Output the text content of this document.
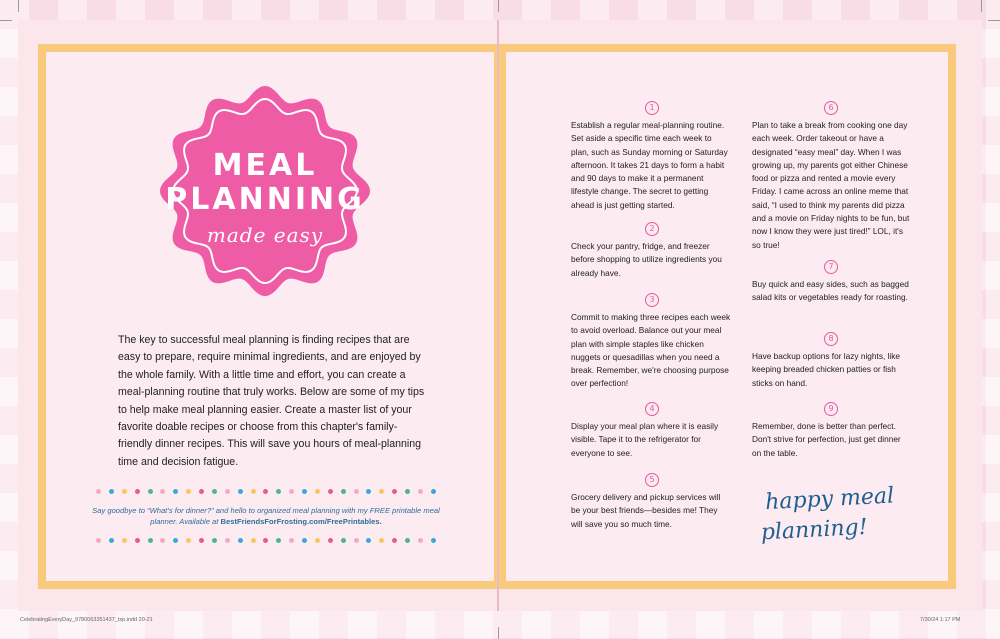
MEAL
PLANNING
made easy
The key to successful meal planning is finding recipes that are easy to prepare, require minimal ingredients, and are enjoyed by the whole family. With a little time and effort, you can create a meal-planning routine that truly works. Below are some of my tips to help make meal planning easier. Create a master list of your favorite doable recipes or choose from this chapter's family-friendly dinner recipes. This will save you hours of meal-planning time and decision fatigue.
Say goodbye to “What’s for dinner?” and hello to organized meal planning with my FREE printable meal planner. Available at BestFriendsForFrosting.com/FreePrintables.
1
Establish a regular meal-planning routine. Set aside a specific time each week to plan, such as Sunday morning or Saturday afternoon. It takes 21 days to form a habit and 90 days to make it a permanent lifestyle change. The secret to getting ahead is just getting started.
2
Check your pantry, fridge, and freezer before shopping to utilize ingredients you already have.
3
Commit to making three recipes each week to avoid overload. Balance out your meal plan with simple staples like chicken nuggets or quesadillas when you need a break. Remember, we're choosing purpose over perfection!
4
Display your meal plan where it is easily visible. Tape it to the refrigerator for everyone to see.
5
Grocery delivery and pickup services will be your best friends—besides me! They will save you so much time.
6
Plan to take a break from cooking one day each week. Order takeout or have a designated “easy meal” day. When I was growing up, my parents got either Chinese food or pizza and rented a movie every Friday. I came across an online meme that said, “I used to think my parents did pizza and a movie on Friday nights to be fun, but now I know they were just tired!” LOL, it's so true!
7
Buy quick and easy sides, such as bagged salad kits or vegetables ready for roasting.
8
Have backup options for lazy nights, like keeping breaded chicken patties or fish sticks on hand.
9
Remember, done is better than perfect. Don't strive for perfection, just get dinner on the table.
happy meal
planning!
CelebratingEveryDay_9780063351437_txp.indd 20-21	7/30/24 1:17 PM
